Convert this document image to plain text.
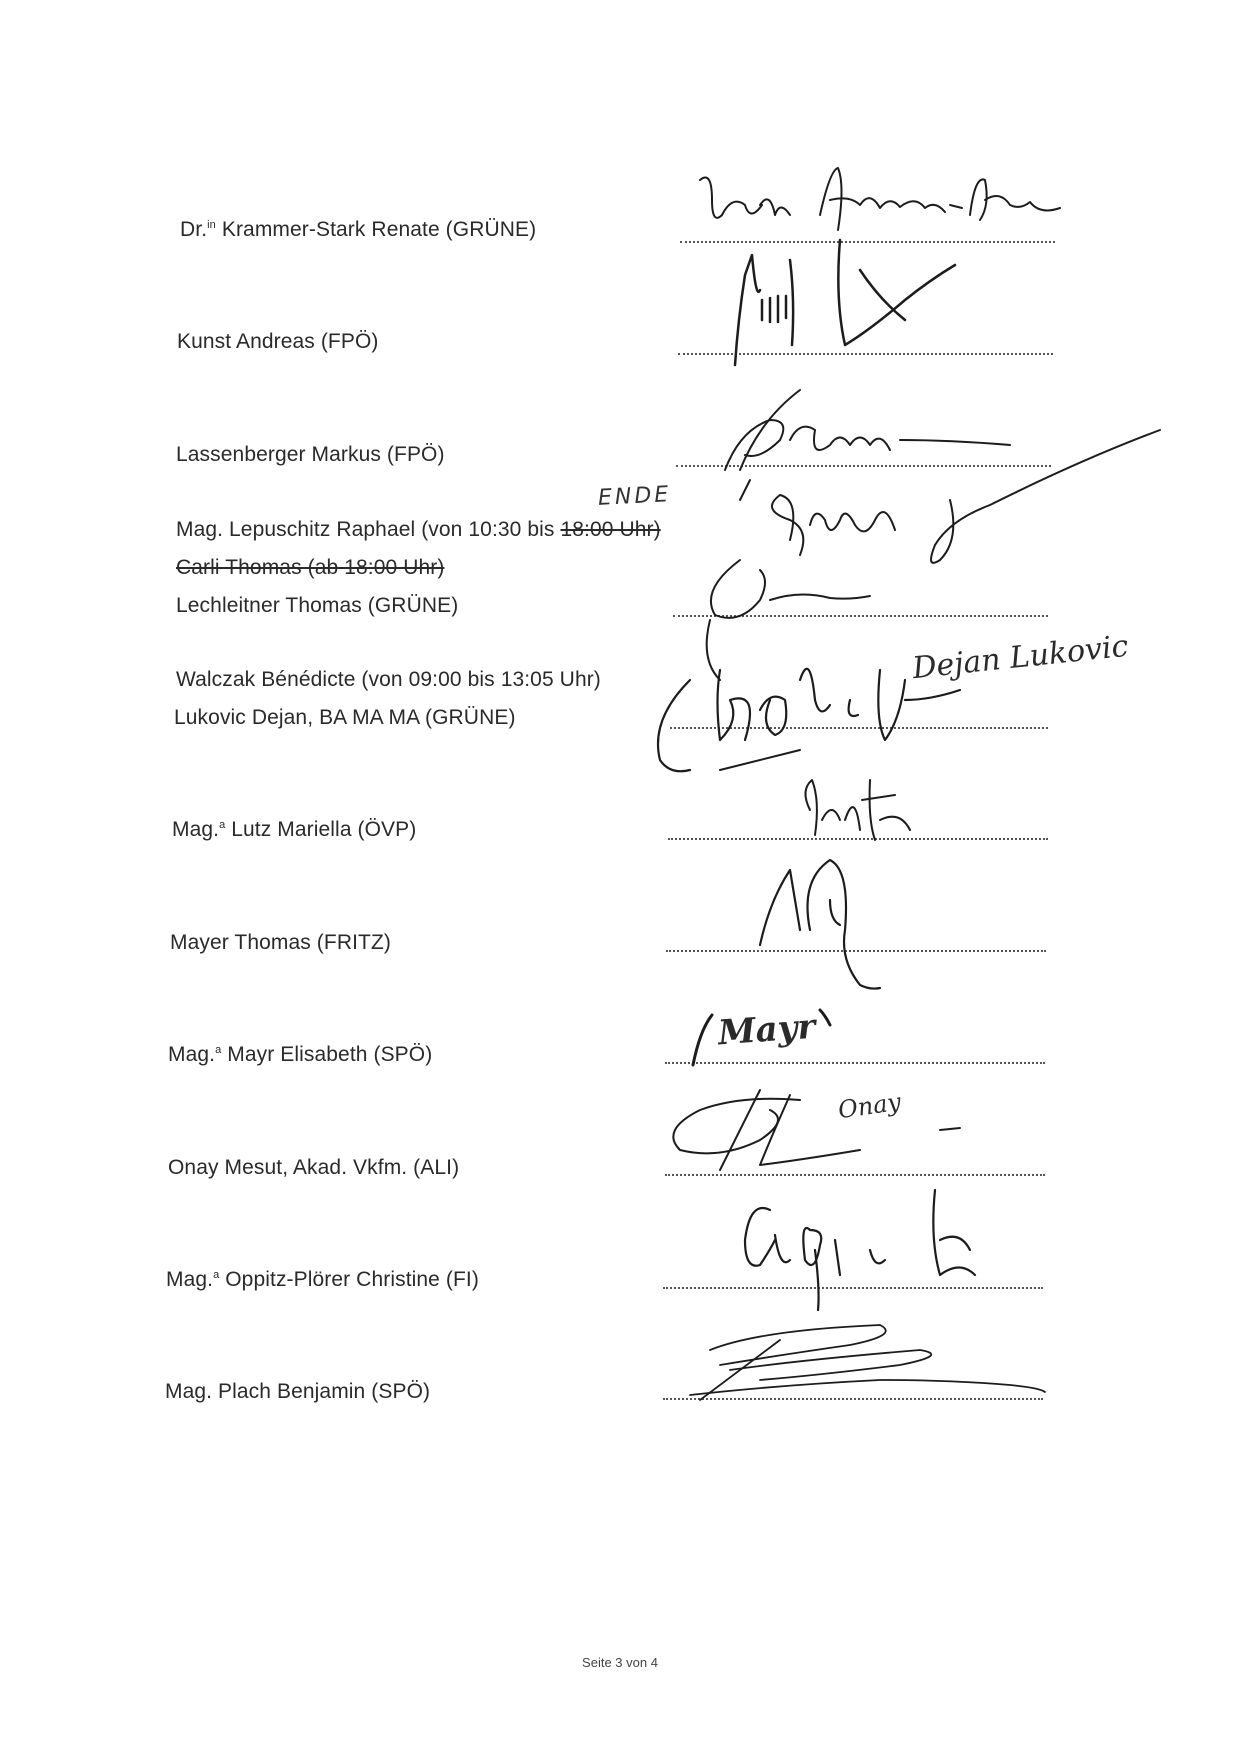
Dr.$^{in}$ Krammer-Stark Renate (GRÜNE)
Kunst Andreas (FPÖ)
Lassenberger Markus (FPÖ)
Mag. Lepuschitz Raphael (von 10:30 bis 18:00 Uhr)
Carli Thomas (ab 18:00 Uhr)
Lechleitner Thomas (GRÜNE)
Walczak Bénédicte (von 09:00 bis 13:05 Uhr)
Lukovic Dejan, BA MA MA (GRÜNE)
Mag.$^a$ Lutz Mariella (ÖVP)
Mayer Thomas (FRITZ)
Mag.$^a$ Mayr Elisabeth (SPÖ)
Onay Mesut, Akad. Vkfm. (ALI)
Mag.$^a$ Oppitz-Plörer Christine (FI)
Mag. Plach Benjamin (SPÖ)
ENDE
Dejan Lukovic
Mayr
Onay
Seite 3 von 4
